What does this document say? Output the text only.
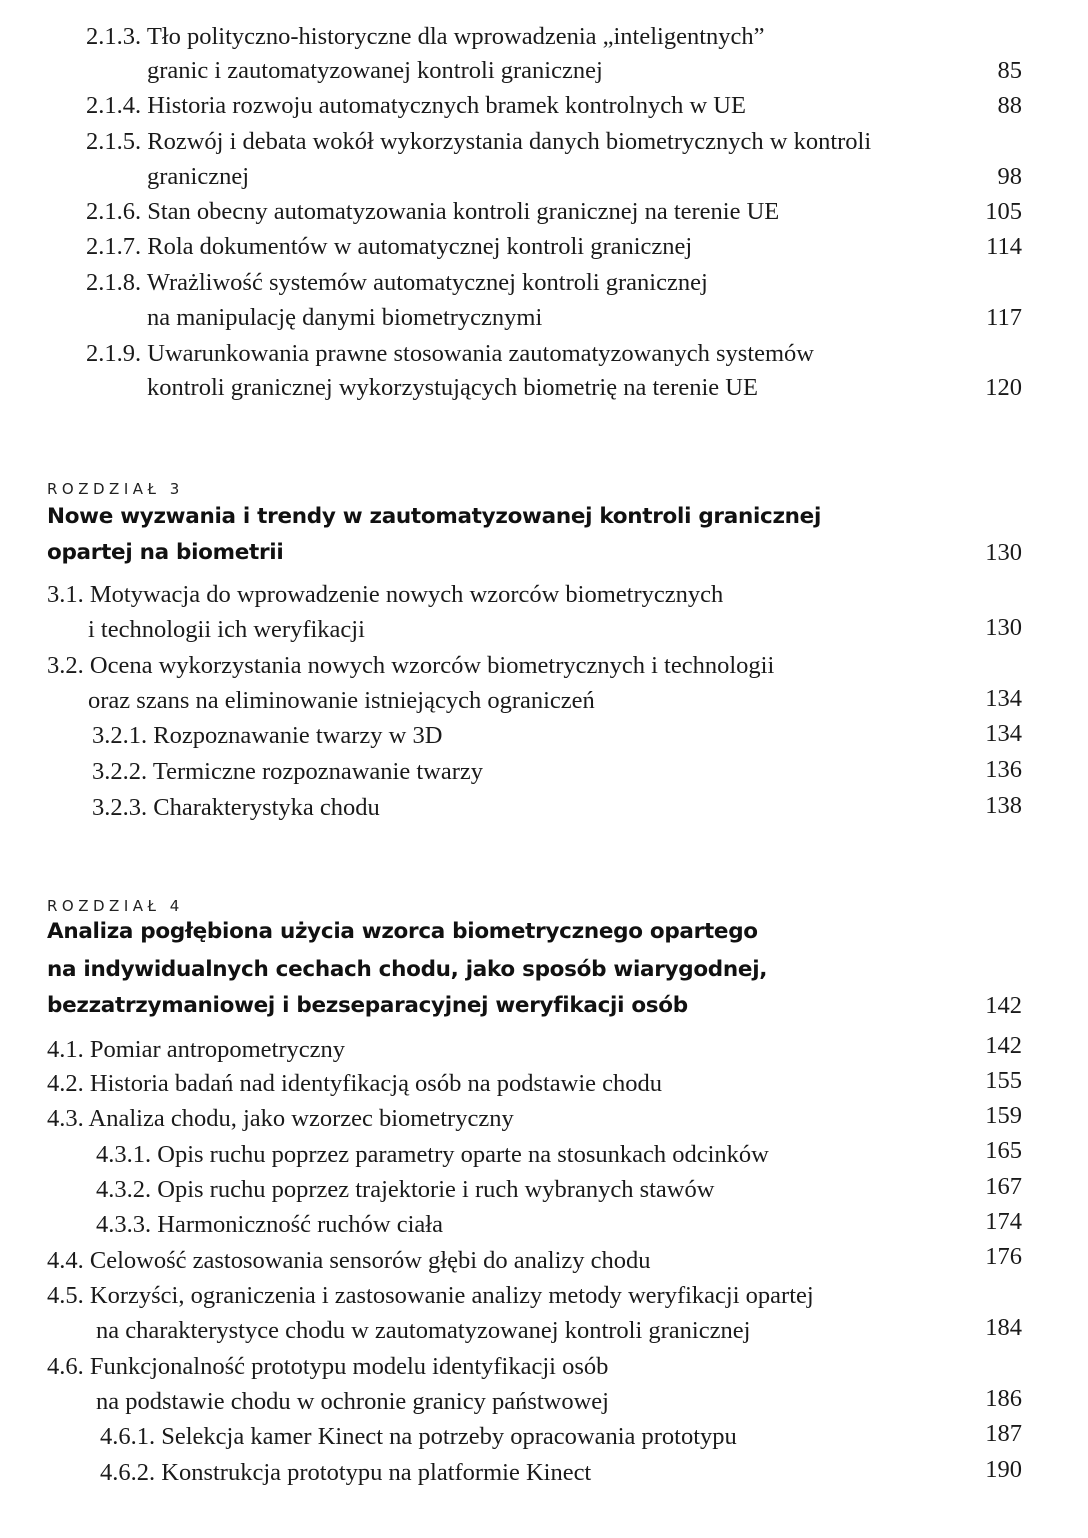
2.1.3. Tło polityczno-historyczne dla wprowadzenia „inteligentnych”
granic i zautomatyzowanej kontroli granicznej	85
2.1.4. Historia rozwoju automatycznych bramek kontrolnych w UE	88
2.1.5. Rozwój i debata wokół wykorzystania danych biometrycznych w kontroli
granicznej	98
2.1.6. Stan obecny automatyzowania kontroli granicznej na terenie UE	105
2.1.7. Rola dokumentów w automatycznej kontroli granicznej	114
2.1.8. Wrażliwość systemów automatycznej kontroli granicznej
na manipulację danymi biometrycznymi	117
2.1.9. Uwarunkowania prawne stosowania zautomatyzowanych systemów
kontroli granicznej wykorzystujących biometrię na terenie UE	120
ROZDZIAŁ 3
Nowe wyzwania i trendy w zautomatyzowanej kontroli granicznej
opartej na biometrii	130
3.1. Motywacja do wprowadzenie nowych wzorców biometrycznych
i technologii ich weryfikacji	130
3.2. Ocena wykorzystania nowych wzorców biometrycznych i technologii
oraz szans na eliminowanie istniejących ograniczeń	134
3.2.1. Rozpoznawanie twarzy w 3D	134
3.2.2. Termiczne rozpoznawanie twarzy	136
3.2.3. Charakterystyka chodu	138
ROZDZIAŁ 4
Analiza pogłębiona użycia wzorca biometrycznego opartego
na indywidualnych cechach chodu, jako sposób wiarygodnej,
bezzatrzymaniowej i bezseparacyjnej weryfikacji osób	142
4.1. Pomiar antropometryczny	142
4.2. Historia badań nad identyfikacją osób na podstawie chodu	155
4.3. Analiza chodu, jako wzorzec biometryczny	159
4.3.1. Opis ruchu poprzez parametry oparte na stosunkach odcinków	165
4.3.2. Opis ruchu poprzez trajektorie i ruch wybranych stawów	167
4.3.3. Harmoniczność ruchów ciała	174
4.4. Celowość zastosowania sensorów głębi do analizy chodu	176
4.5. Korzyści, ograniczenia i zastosowanie analizy metody weryfikacji opartej
na charakterystyce chodu w zautomatyzowanej kontroli granicznej	184
4.6. Funkcjonalność prototypu modelu identyfikacji osób
na podstawie chodu w ochronie granicy państwowej	186
4.6.1. Selekcja kamer Kinect na potrzeby opracowania prototypu	187
4.6.2. Konstrukcja prototypu na platformie Kinect	190
